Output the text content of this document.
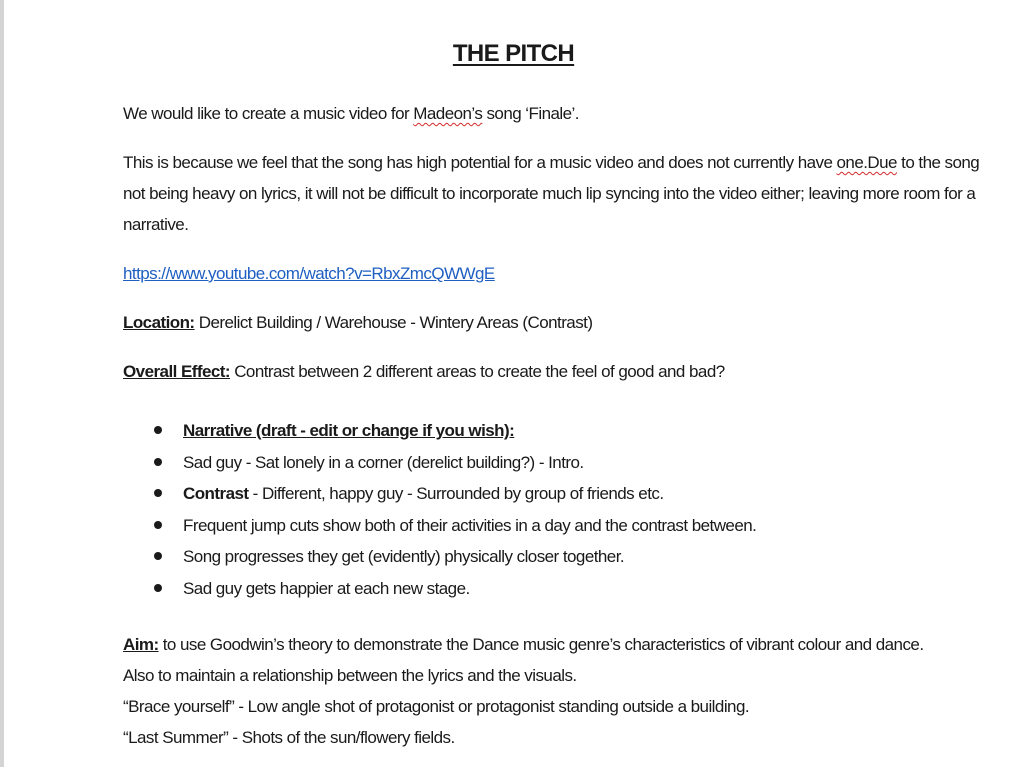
THE PITCH

We would like to create a music video for Madeon’s song ‘Finale’.

This is because we feel that the song has high potential for a music video and does not currently have one.Due to the song not being heavy on lyrics, it will not be difficult to incorporate much lip syncing into the video either; leaving more room for a narrative.

https://www.youtube.com/watch?v=RbxZmcQWWgE

Location: Derelict Building / Warehouse - Wintery Areas (Contrast)

Overall Effect: Contrast between 2 different areas to create the feel of good and bad?

Narrative (draft - edit or change if you wish):
Sad guy - Sat lonely in a corner (derelict building?) - Intro.
Contrast - Different, happy guy - Surrounded by group of friends etc.
Frequent jump cuts show both of their activities in a day and the contrast between.
Song progresses they get (evidently) physically closer together.
Sad guy gets happier at each new stage.

Aim: to use Goodwin’s theory to demonstrate the Dance music genre’s characteristics of vibrant colour and dance.

Also to maintain a relationship between the lyrics and the visuals.

“Brace yourself” - Low angle shot of protagonist or protagonist standing outside a building.

“Last Summer” - Shots of the sun/flowery fields.
